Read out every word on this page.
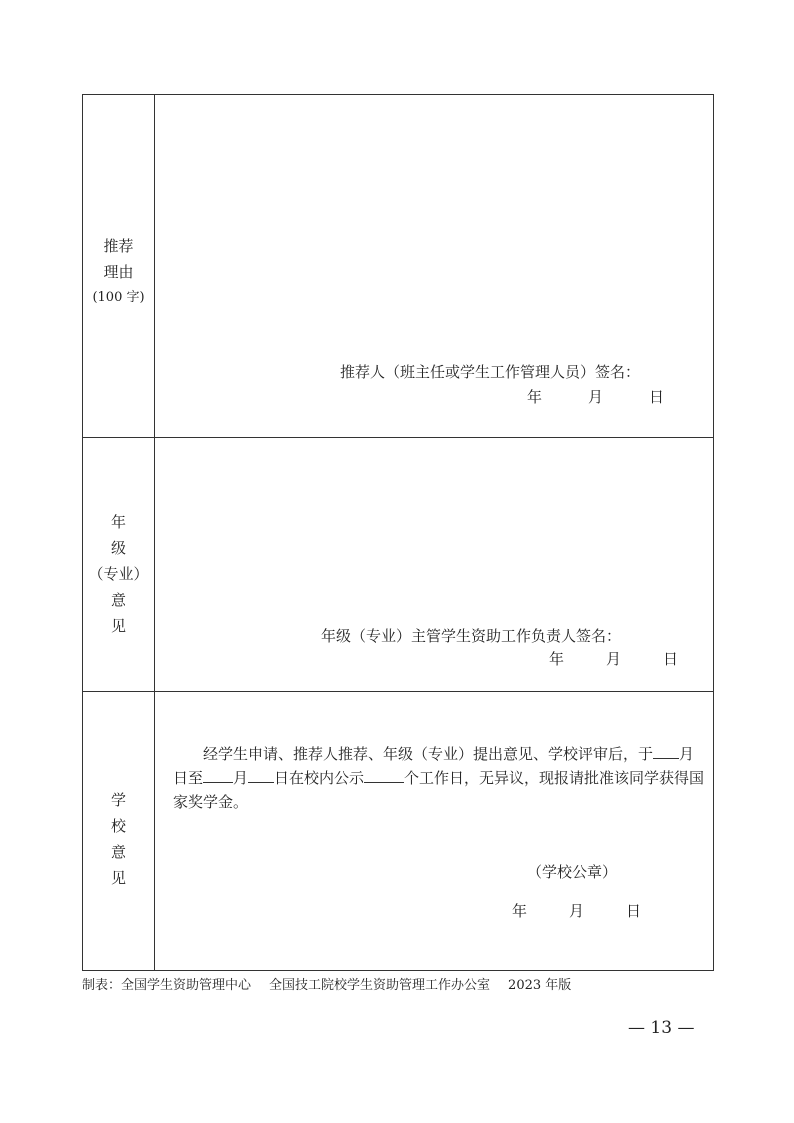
推荐
理由
(100 字)
推荐人（班主任或学生工作管理人员）签名：
年	月	日
年
级
（专业）
意
见
年级（专业）主管学生资助工作负责人签名：
年	月	日
学
校
意
见
经学生申请、推荐人推荐、年级（专业）提出意见、学校评审后，于 月
日至 月 日在校内公示	个工作日，无异议，现报请批准该同学获得国
家奖学金。
（学校公章）
年	月	日
制表：全国学生资助管理中心 全国技工院校学生资助管理工作办公室 2023 年版
— 13 —
